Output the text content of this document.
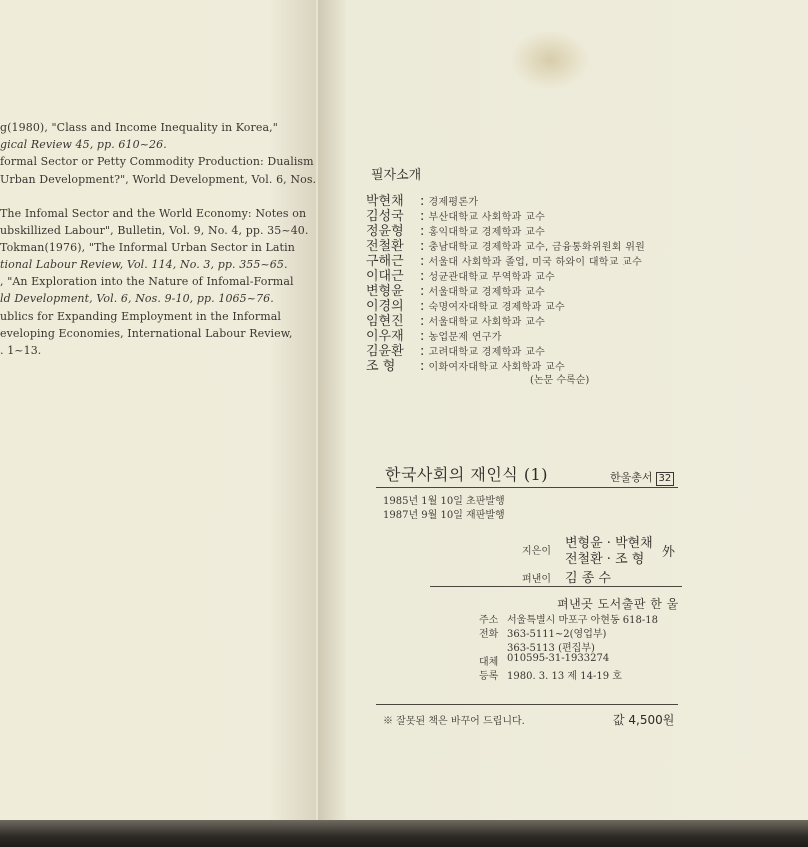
g(1980), "Class and Income Inequality in Korea,"
gical Review 45, pp. 610~26.
formal Sector or Petty Commodity Production: Dualism
Urban Development?", World Development, Vol. 6, Nos.
The Infomal Sector and the World Economy: Notes on
ubskillized Labour", Bulletin, Vol. 9, No. 4, pp. 35~40.
Tokman(1976), "The Informal Urban Sector in Latin
tional Labour Review, Vol. 114, No. 3, pp. 355~65.
, "An Exploration into the Nature of Infomal-Formal
ld Development, Vol. 6, Nos. 9-10, pp. 1065~76.
ublics for Expanding Employment in the Informal
eveloping Economies, International Labour Review,
. 1~13.
필자소개
박현채 : 경제평론가
김성국 : 부산대학교 사회학과 교수
정윤형 : 홍익대학교 경제학과 교수
전철환 : 충남대학교 경제학과 교수, 금융통화위원회 위원
구해근 : 서울대 사회학과 졸업, 미국 하와이 대학교 교수
이대근 : 성균관대학교 무역학과 교수
변형윤 : 서울대학교 경제학과 교수
이경의 : 숙명여자대학교 경제학과 교수
임현진 : 서울대학교 사회학과 교수
이우재 : 농업문제 연구가
김윤환 : 고려대학교 경제학과 교수
조 형 : 이화여자대학교 사회학과 교수
(논문 수록순)
한국사회의 재인식 (1)	한울총서 32
1985년 1월 10일 초판발행
1987년 9월 10일 재판발행
지은이
변형윤 · 박현채
전철환 · 조 형 外
펴낸이 김 종 수
펴낸곳 도서출판 한 울
주소 서울특별시 마포구 아현동 618-18
전화 363-5111~2(영업부)
363-5113 (편집부)
대체 010595-31-1933274
등록 1980. 3. 13 제 14-19 호
※ 잘못된 책은 바꾸어 드립니다.	값 4,500원
